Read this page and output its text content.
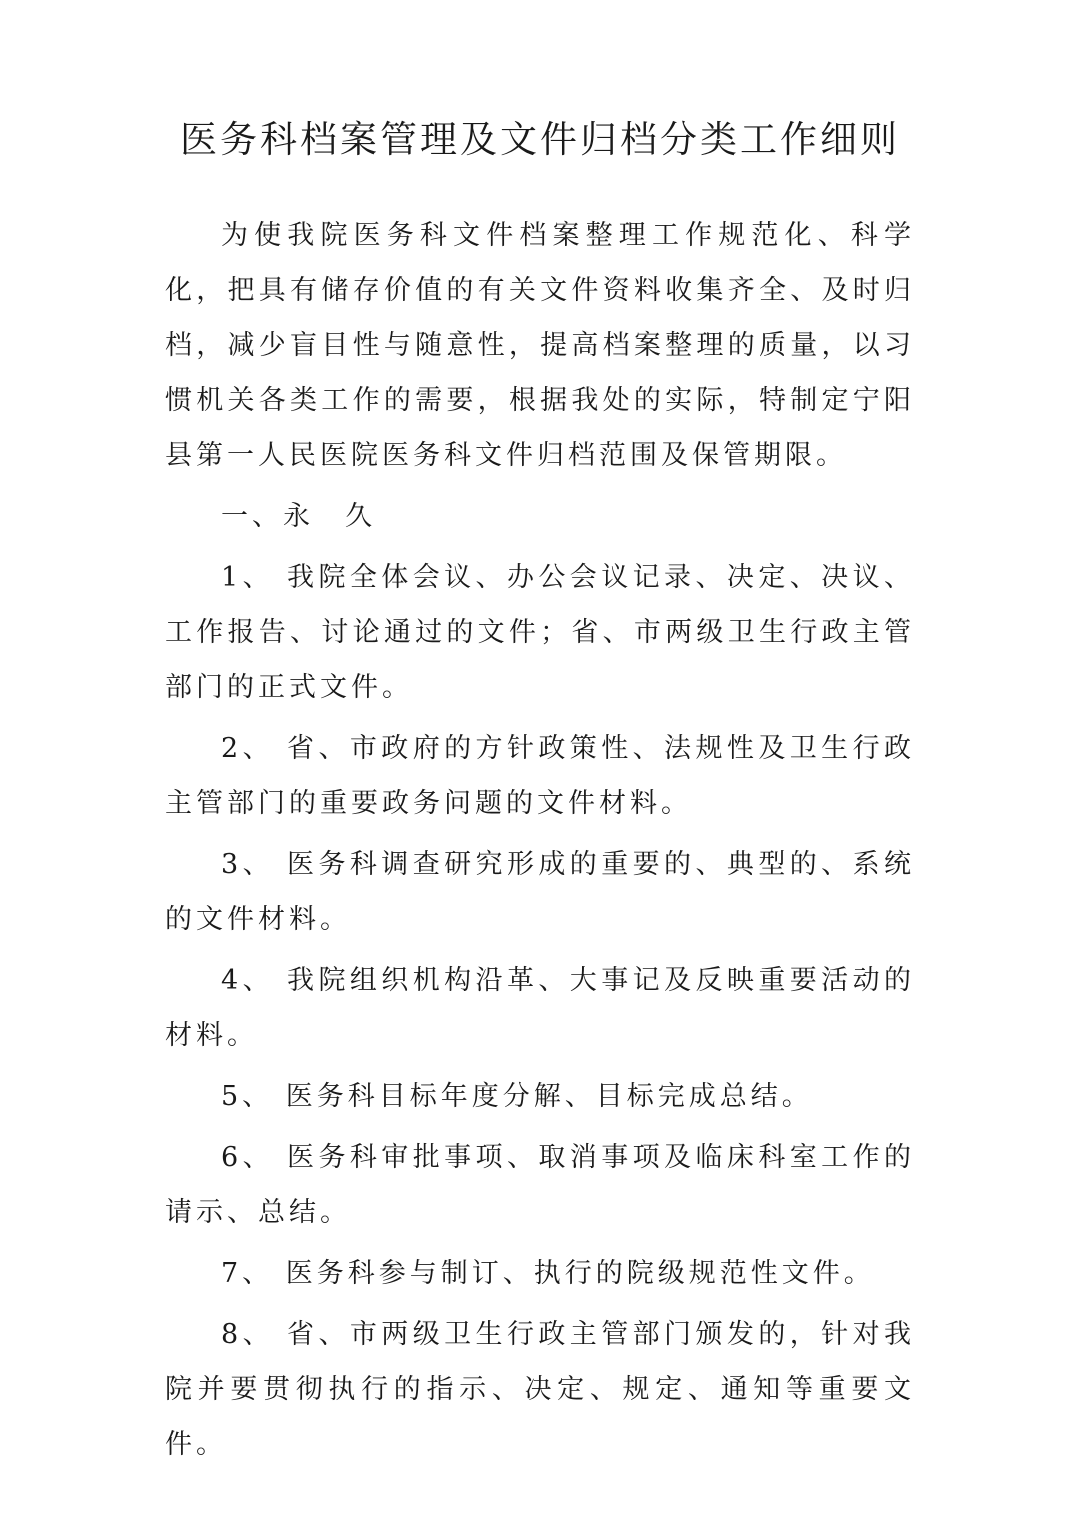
医务科档案管理及文件归档分类工作细则

为使我院医务科文件档案整理工作规范化、科学化，把具有储存价值的有关文件资料收集齐全、及时归档，减少盲目性与随意性，提高档案整理的质量，以习惯机关各类工作的需要，根据我处的实际，特制定宁阳县第一人民医院医务科文件归档范围及保管期限。

一、永　久

1、 我院全体会议、办公会议记录、决定、决议、工作报告、讨论通过的文件；省、市两级卫生行政主管部门的正式文件。

2、 省、市政府的方针政策性、法规性及卫生行政主管部门的重要政务问题的文件材料。

3、 医务科调查研究形成的重要的、典型的、系统的文件材料。

4、 我院组织机构沿革、大事记及反映重要活动的材料。

5、 医务科目标年度分解、目标完成总结。

6、 医务科审批事项、取消事项及临床科室工作的请示、总结。

7、 医务科参与制订、执行的院级规范性文件。

8、 省、市两级卫生行政主管部门颁发的，针对我院并要贯彻执行的指示、决定、规定、通知等重要文件。
